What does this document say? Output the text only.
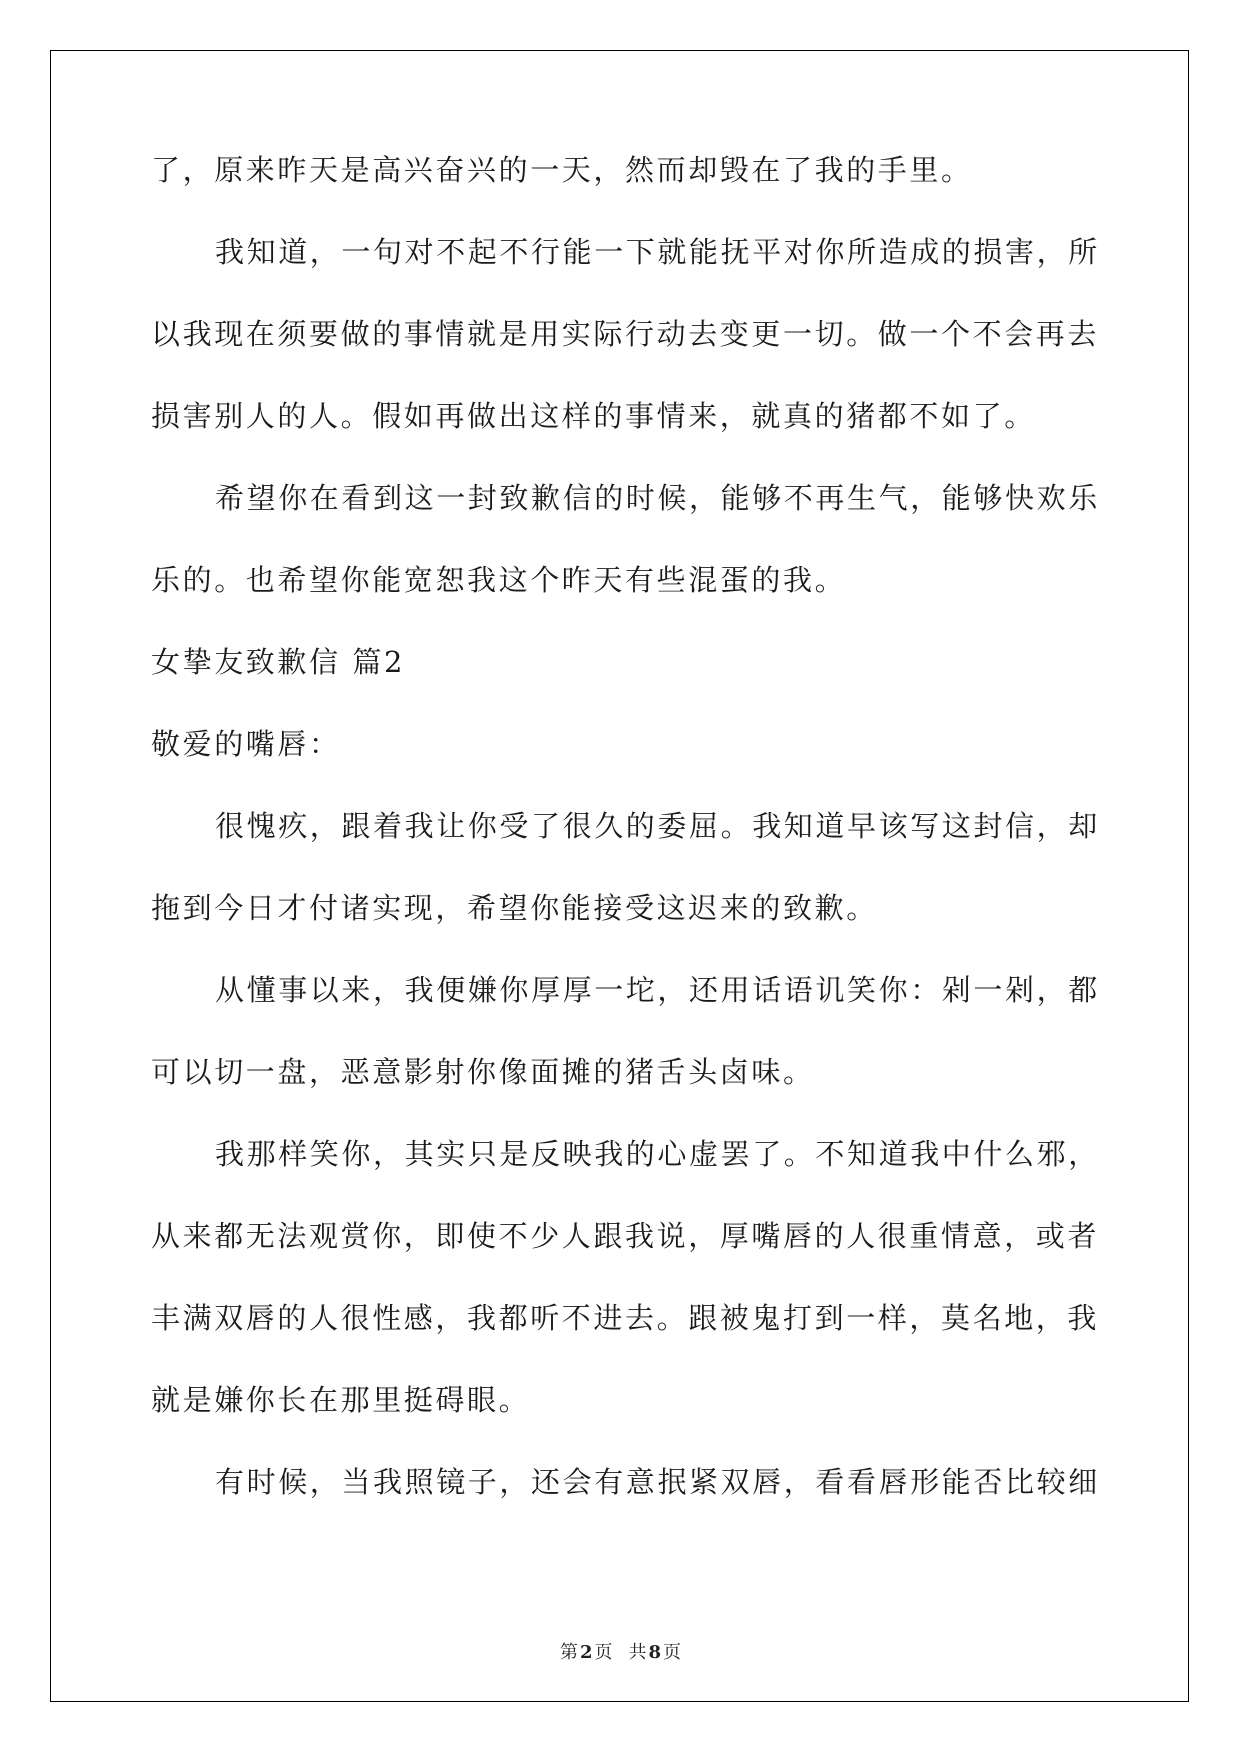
了，原来昨天是高兴奋兴的一天，然而却毁在了我的手里。
我知道，一句对不起不行能一下就能抚平对你所造成的损害，所
以我现在须要做的事情就是用实际行动去变更一切。做一个不会再去
损害别人的人。假如再做出这样的事情来，就真的猪都不如了。
希望你在看到这一封致歉信的时候，能够不再生气，能够快欢乐
乐的。也希望你能宽恕我这个昨天有些混蛋的我。
女挚友致歉信 篇2
敬爱的嘴唇：
很愧疚，跟着我让你受了很久的委屈。我知道早该写这封信，却
拖到今日才付诸实现，希望你能接受这迟来的致歉。
从懂事以来，我便嫌你厚厚一坨，还用话语讥笑你：剁一剁，都
可以切一盘，恶意影射你像面摊的猪舌头卤味。
我那样笑你，其实只是反映我的心虚罢了。不知道我中什么邪，
从来都无法观赏你，即使不少人跟我说，厚嘴唇的人很重情意，或者
丰满双唇的人很性感，我都听不进去。跟被鬼打到一样，莫名地，我
就是嫌你长在那里挺碍眼。
有时候，当我照镜子，还会有意抿紧双唇，看看唇形能否比较细
第 2 页 共 8 页
